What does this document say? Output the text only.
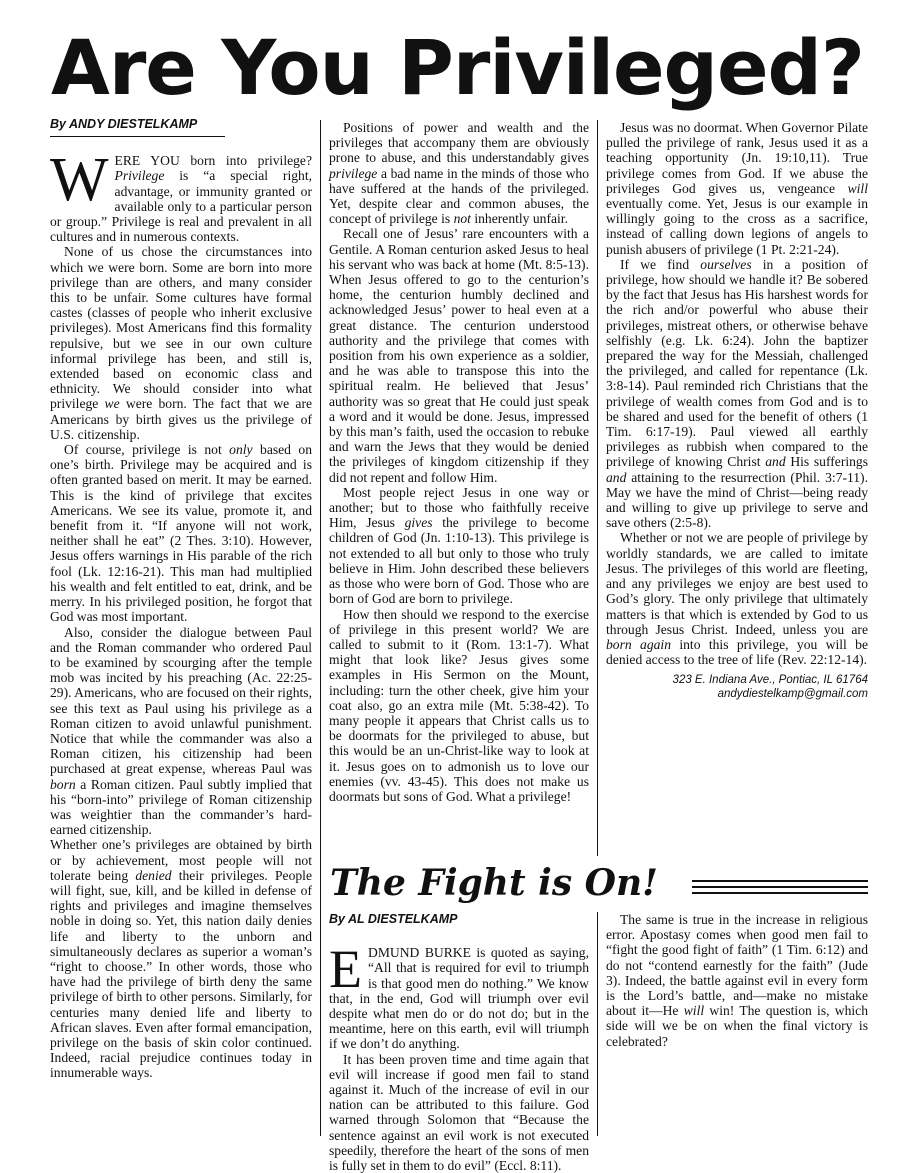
Are You Privileged?
By ANDY DIESTELKAMP

WERE YOU born into privilege? Privilege is “a special right, advantage, or immunity granted or available only to a particular person or group.” Privilege is real and prevalent in all cultures and in numerous contexts.

None of us chose the circumstances into which we were born. Some are born into more privilege than are others, and many consider this to be unfair. Some cultures have formal castes (classes of people who inherit exclusive privileges). Most Americans find this formality repulsive, but we see in our own culture informal privilege has been, and still is, extended based on economic class and ethnicity. We should consider into what privilege we were born. The fact that we are Americans by birth gives us the privilege of U.S. citizenship.

Of course, privilege is not only based on one’s birth. Privilege may be acquired and is often granted based on merit. It may be earned. This is the kind of privilege that excites Americans. We see its value, promote it, and benefit from it. “If anyone will not work, neither shall he eat” (2 Thes. 3:10). However, Jesus offers warnings in His parable of the rich fool (Lk. 12:16-21). This man had multiplied his wealth and felt entitled to eat, drink, and be merry. In his privileged position, he forgot that God was most important.

Also, consider the dialogue between Paul and the Roman commander who ordered Paul to be examined by scourging after the temple mob was incited by his preaching (Ac. 22:25-29). Americans, who are focused on their rights, see this text as Paul using his privilege as a Roman citizen to avoid unlawful punishment. Notice that while the commander was also a Roman citizen, his citizenship had been purchased at great expense, whereas Paul was born a Roman citizen. Paul subtly implied that his “born-into” privilege of Roman citizenship was weightier than the commander’s hard-earned citizenship.

Whether one’s privileges are obtained by birth or by achievement, most people will not tolerate being denied their privileges. People will fight, sue, kill, and be killed in defense of rights and privileges and imagine themselves noble in doing so. Yet, this nation daily denies life and liberty to the unborn and simultaneously declares as superior a woman’s “right to choose.” In other words, those who have had the privilege of birth deny the same privilege of birth to other persons. Similarly, for centuries many denied life and liberty to African slaves. Even after formal emancipation, privilege on the basis of skin color continued. Indeed, racial prejudice continues today in innumerable ways.

Positions of power and wealth and the privileges that accompany them are obviously prone to abuse, and this understandably gives privilege a bad name in the minds of those who have suffered at the hands of the privileged. Yet, despite clear and common abuses, the concept of privilege is not inherently unfair.

Recall one of Jesus’ rare encounters with a Gentile. A Roman centurion asked Jesus to heal his servant who was back at home (Mt. 8:5-13). When Jesus offered to go to the centurion’s home, the centurion humbly declined and acknowledged Jesus’ power to heal even at a great distance. The centurion understood authority and the privilege that comes with position from his own experience as a soldier, and he was able to transpose this into the spiritual realm. He believed that Jesus’ authority was so great that He could just speak a word and it would be done. Jesus, impressed by this man’s faith, used the occasion to rebuke and warn the Jews that they would be denied the privileges of kingdom citizenship if they did not repent and follow Him.

Most people reject Jesus in one way or another; but to those who faithfully receive Him, Jesus gives the privilege to become children of God (Jn. 1:10-13). This privilege is not extended to all but only to those who truly believe in Him. John described these believers as those who were born of God. Those who are born of God are born to privilege.

How then should we respond to the exercise of privilege in this present world? We are called to submit to it (Rom. 13:1-7). What might that look like? Jesus gives some examples in His Sermon on the Mount, including: turn the other cheek, give him your coat also, go an extra mile (Mt. 5:38-42). To many people it appears that Christ calls us to be doormats for the privileged to abuse, but this would be an un-Christ-like way to look at it. Jesus goes on to admonish us to love our enemies (vv. 43-45). This does not make us doormats but sons of God. What a privilege!

Jesus was no doormat. When Governor Pilate pulled the privilege of rank, Jesus used it as a teaching opportunity (Jn. 19:10,11). True privilege comes from God. If we abuse the privileges God gives us, vengeance will eventually come. Yet, Jesus is our example in willingly going to the cross as a sacrifice, instead of calling down legions of angels to punish abusers of privilege (1 Pt. 2:21-24).

If we find ourselves in a position of privilege, how should we handle it? Be sobered by the fact that Jesus has His harshest words for the rich and/or powerful who abuse their privileges, mistreat others, or otherwise behave selfishly (e.g. Lk. 6:24). John the baptizer prepared the way for the Messiah, challenged the privileged, and called for repentance (Lk. 3:8-14). Paul reminded rich Christians that the privilege of wealth comes from God and is to be shared and used for the benefit of others (1 Tim. 6:17-19). Paul viewed all earthly privileges as rubbish when compared to the privilege of knowing Christ and His sufferings and attaining to the resurrection (Phil. 3:7-11). May we have the mind of Christ—being ready and willing to give up privilege to serve and save others (2:5-8).

Whether or not we are people of privilege by worldly standards, we are called to imitate Jesus. The privileges of this world are fleeting, and any privileges we enjoy are best used to God’s glory. The only privilege that ultimately matters is that which is extended by God to us through Jesus Christ. Indeed, unless you are born again into this privilege, you will be denied access to the tree of life (Rev. 22:12-14).

323 E. Indiana Ave., Pontiac, IL 61764
andydiestelkamp@gmail.com
The Fight is On!
By AL DIESTELKAMP

EDMUND BURKE is quoted as saying, “All that is required for evil to triumph is that good men do nothing.” We know that, in the end, God will triumph over evil despite what men do or do not do; but in the meantime, here on this earth, evil will triumph if we don’t do anything.

It has been proven time and time again that evil will increase if good men fail to stand against it. Much of the increase of evil in our nation can be attributed to this failure. God warned through Solomon that “Because the sentence against an evil work is not executed speedily, therefore the heart of the sons of men is fully set in them to do evil” (Eccl. 8:11).

The same is true in the increase in religious error. Apostasy comes when good men fail to “fight the good fight of faith” (1 Tim. 6:12) and do not “contend earnestly for the faith” (Jude 3). Indeed, the battle against evil in every form is the Lord’s battle, and—make no mistake about it—He will win! The question is, which side will we be on when the final victory is celebrated?
